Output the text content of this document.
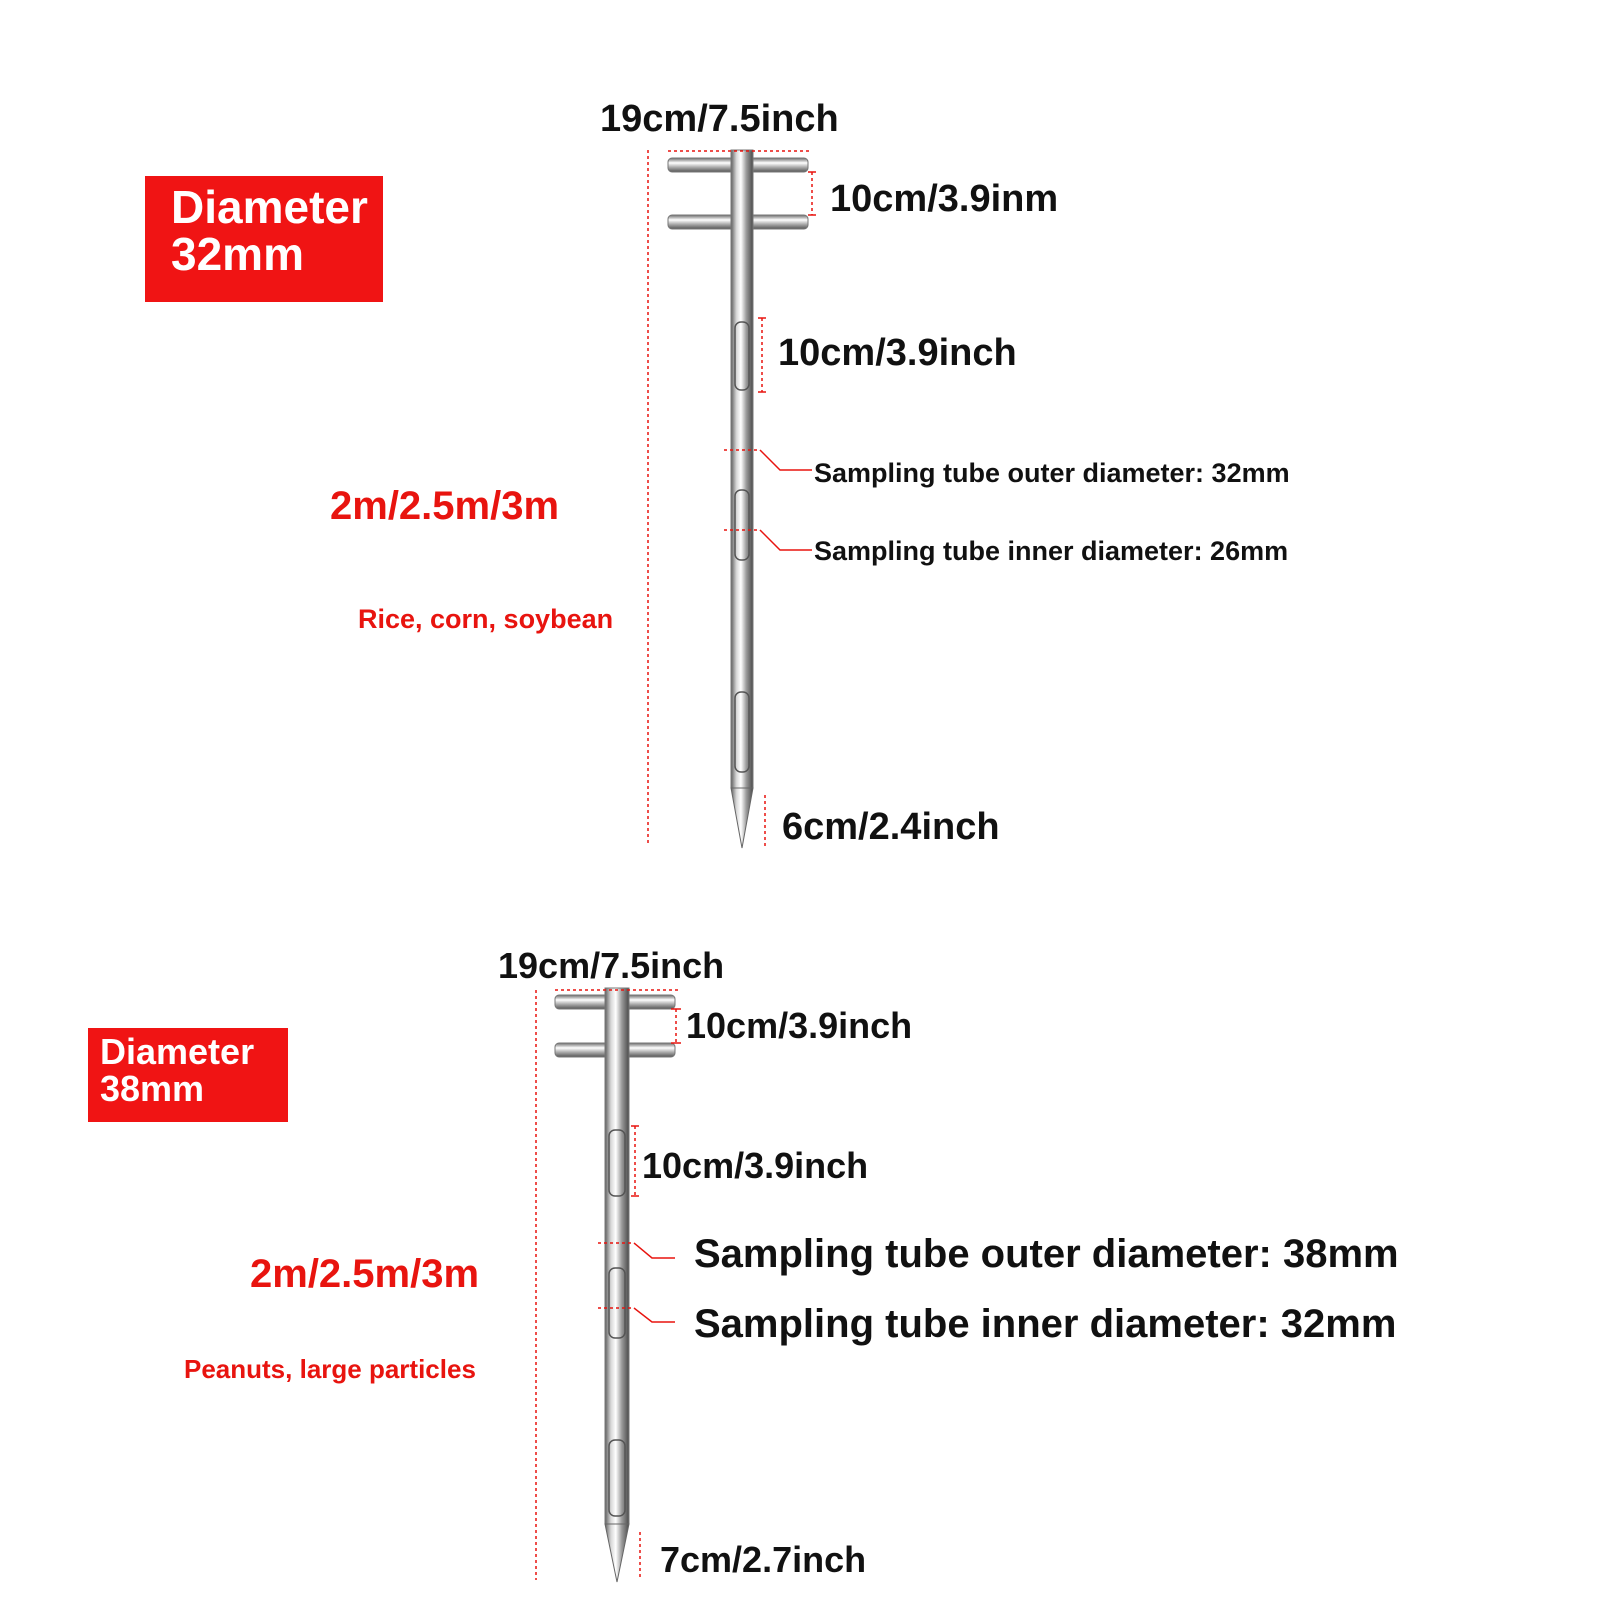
Diameter
32mm
19cm/7.5inch
10cm/3.9inm
10cm/3.9inch
2m/2.5m/3m
Rice, corn, soybean
Sampling tube outer diameter: 32mm
Sampling tube inner diameter: 26mm
6cm/2.4inch
Diameter
38mm
19cm/7.5inch
10cm/3.9inch
10cm/3.9inch
2m/2.5m/3m
Peanuts, large particles
Sampling tube outer diameter: 38mm
Sampling tube inner diameter: 32mm
7cm/2.7inch
